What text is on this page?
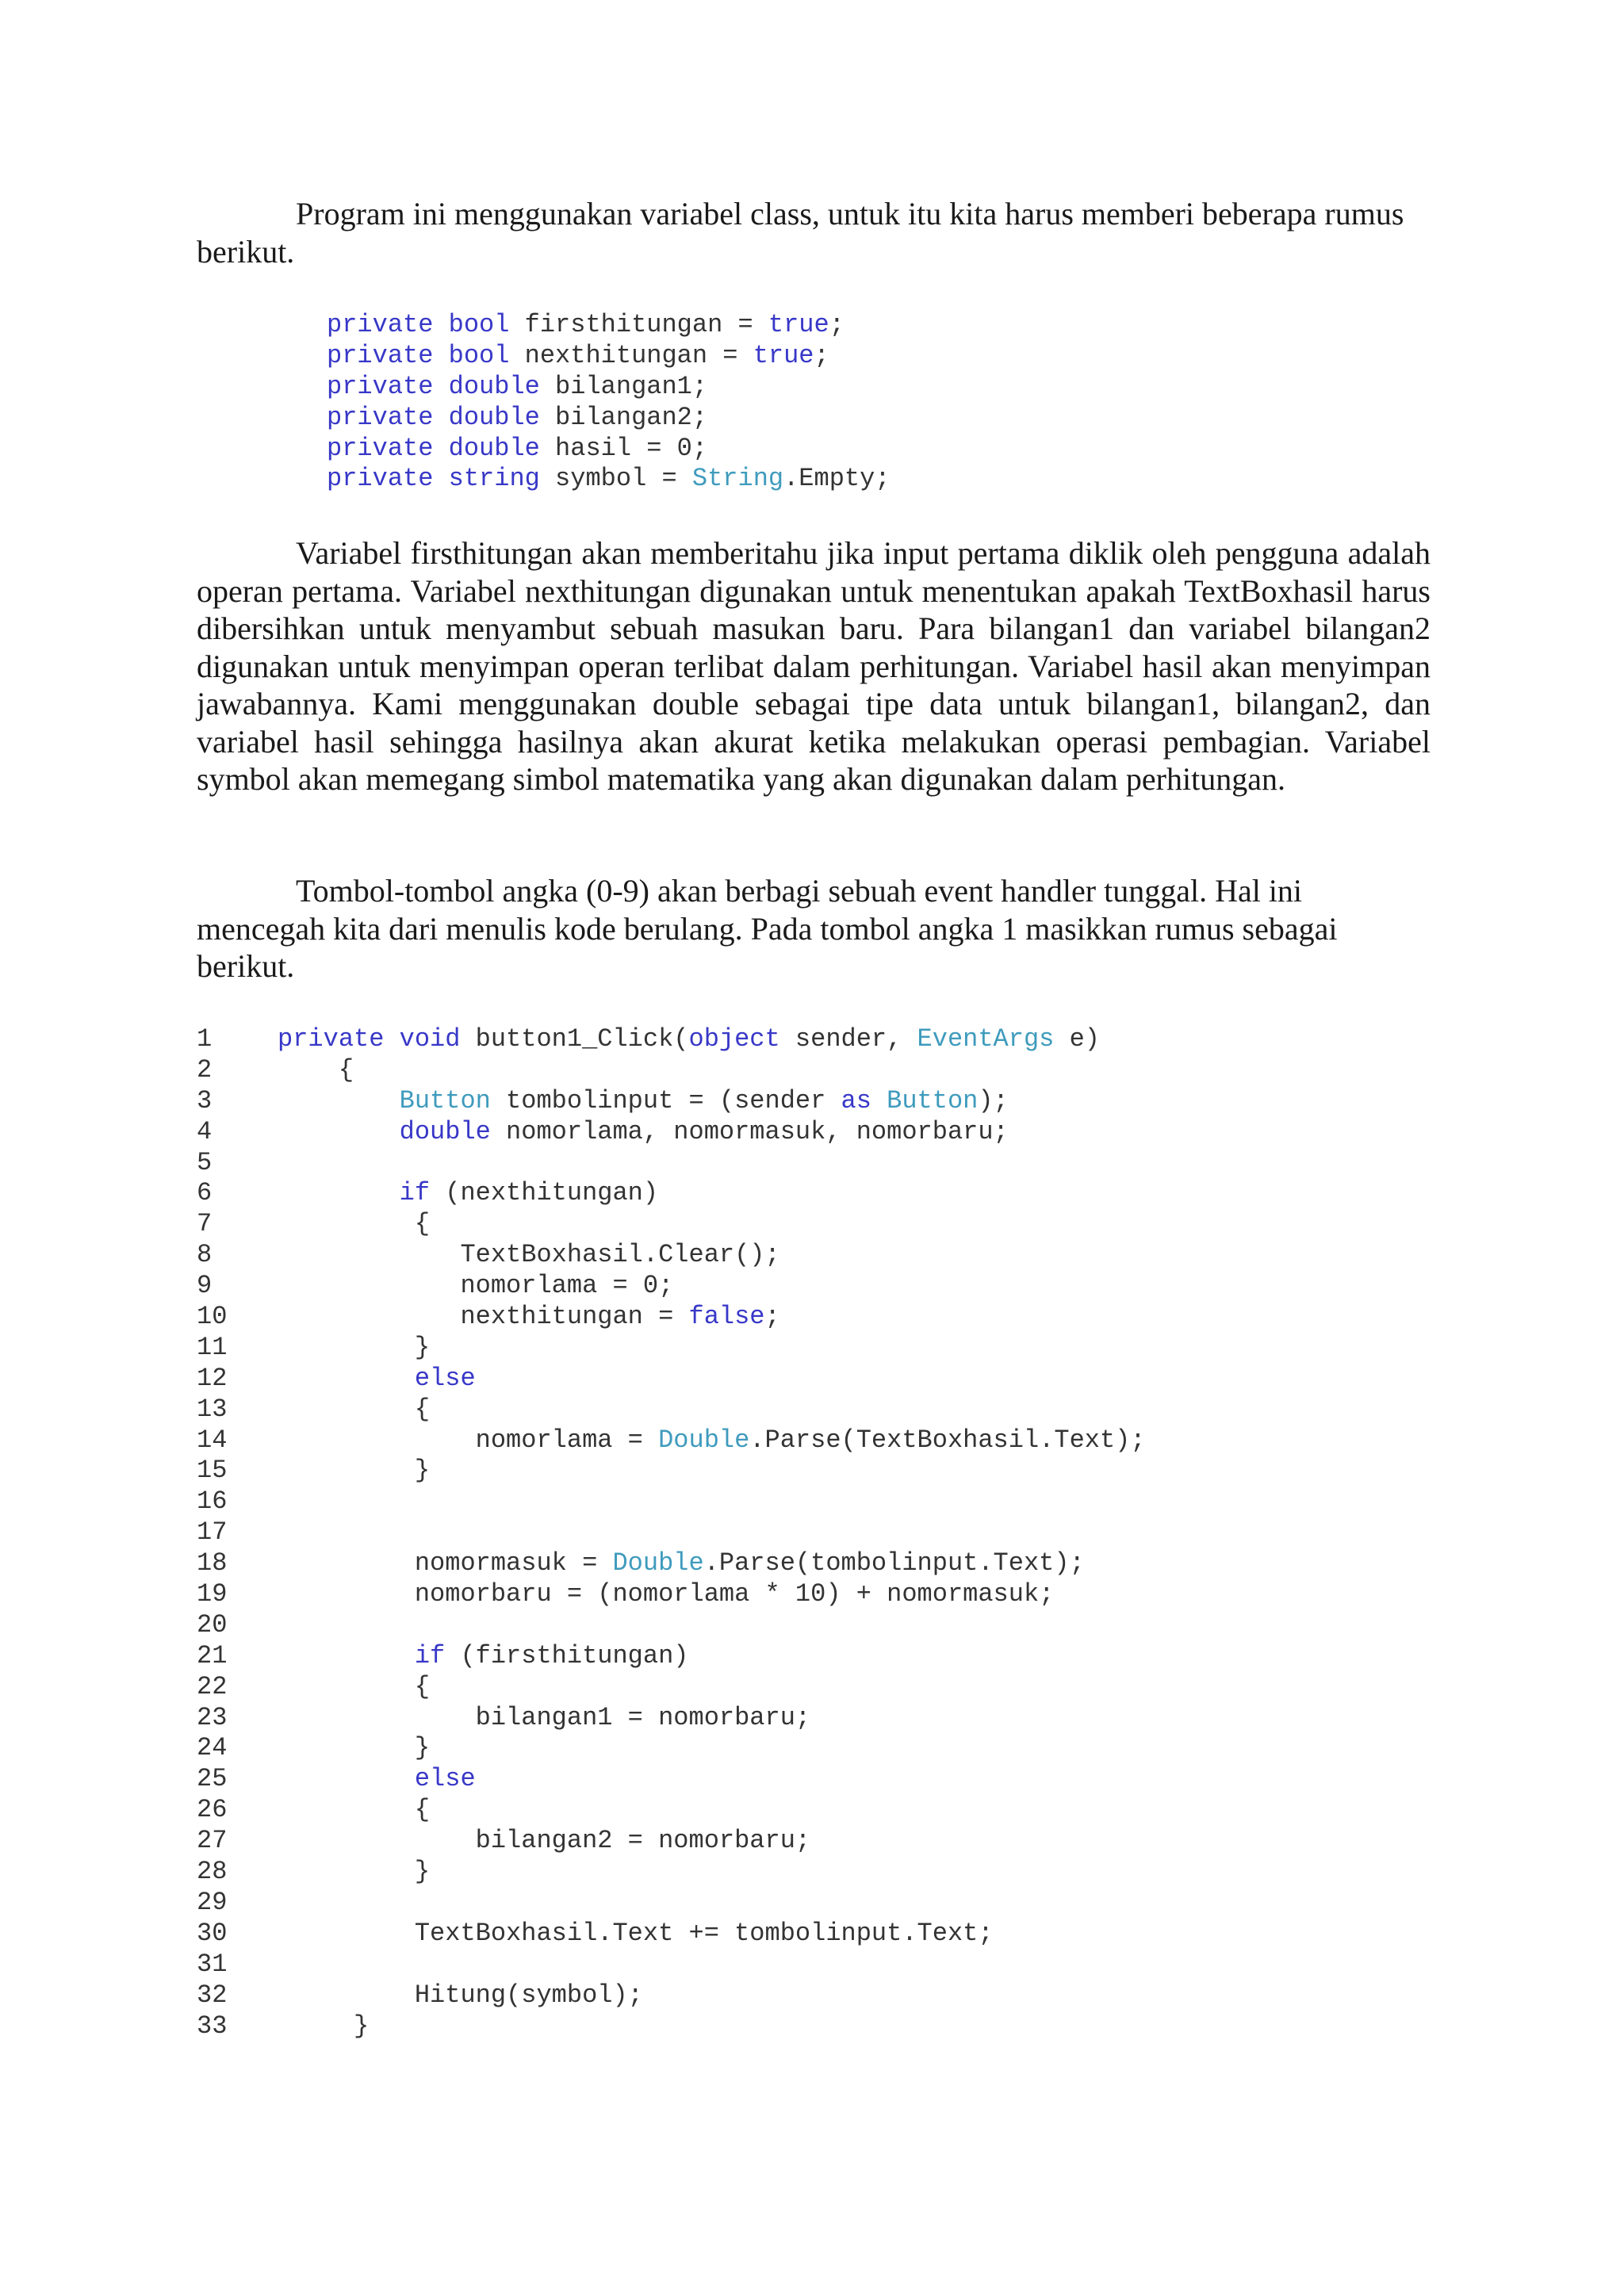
Program ini menggunakan variabel class, untuk itu kita harus memberi beberapa rumus berikut.

private bool firsthitungan = true;
private bool nexthitungan = true;
private double bilangan1;
private double bilangan2;
private double hasil = 0;
private string symbol = String.Empty;

Variabel firsthitungan akan memberitahu jika input pertama diklik oleh pengguna adalah operan pertama. Variabel nexthitungan digunakan untuk menentukan apakah TextBoxhasil harus dibersihkan untuk menyambut sebuah masukan baru. Para bilangan1 dan variabel bilangan2 digunakan untuk menyimpan operan terlibat dalam perhitungan. Variabel hasil akan menyimpan jawabannya. Kami menggunakan double sebagai tipe data untuk bilangan1, bilangan2, dan variabel hasil sehingga hasilnya akan akurat ketika melakukan operasi pembagian. Variabel symbol akan memegang simbol matematika yang akan digunakan dalam perhitungan.

Tombol-tombol angka (0-9) akan berbagi sebuah event handler tunggal. Hal ini mencegah kita dari menulis kode berulang. Pada tombol angka 1 masikkan rumus sebagai berikut.

1	private void button1_Click(object sender, EventArgs e)
2	{
3	Button tombolinput = (sender as Button);
4	double nomorlama, nomormasuk, nomorbaru;
5
6	if (nexthitungan)
7	{
8	TextBoxhasil.Clear();
9	nomorlama = 0;
10            nexthitungan = false;
11         }
12	else
13         {
14             nomorlama = Double.Parse(TextBoxhasil.Text);
15         }
16
17
18         nomormasuk = Double.Parse(tombolinput.Text);
19         nomorbaru = (nomorlama * 10) + nomormasuk;
20
21	if (firsthitungan)
22         {
23             bilangan1 = nomorbaru;
24         }
25	else
26         {
27             bilangan2 = nomorbaru;
28         }
29
30         TextBoxhasil.Text += tombolinput.Text;
31
32         Hitung(symbol);
33     }
